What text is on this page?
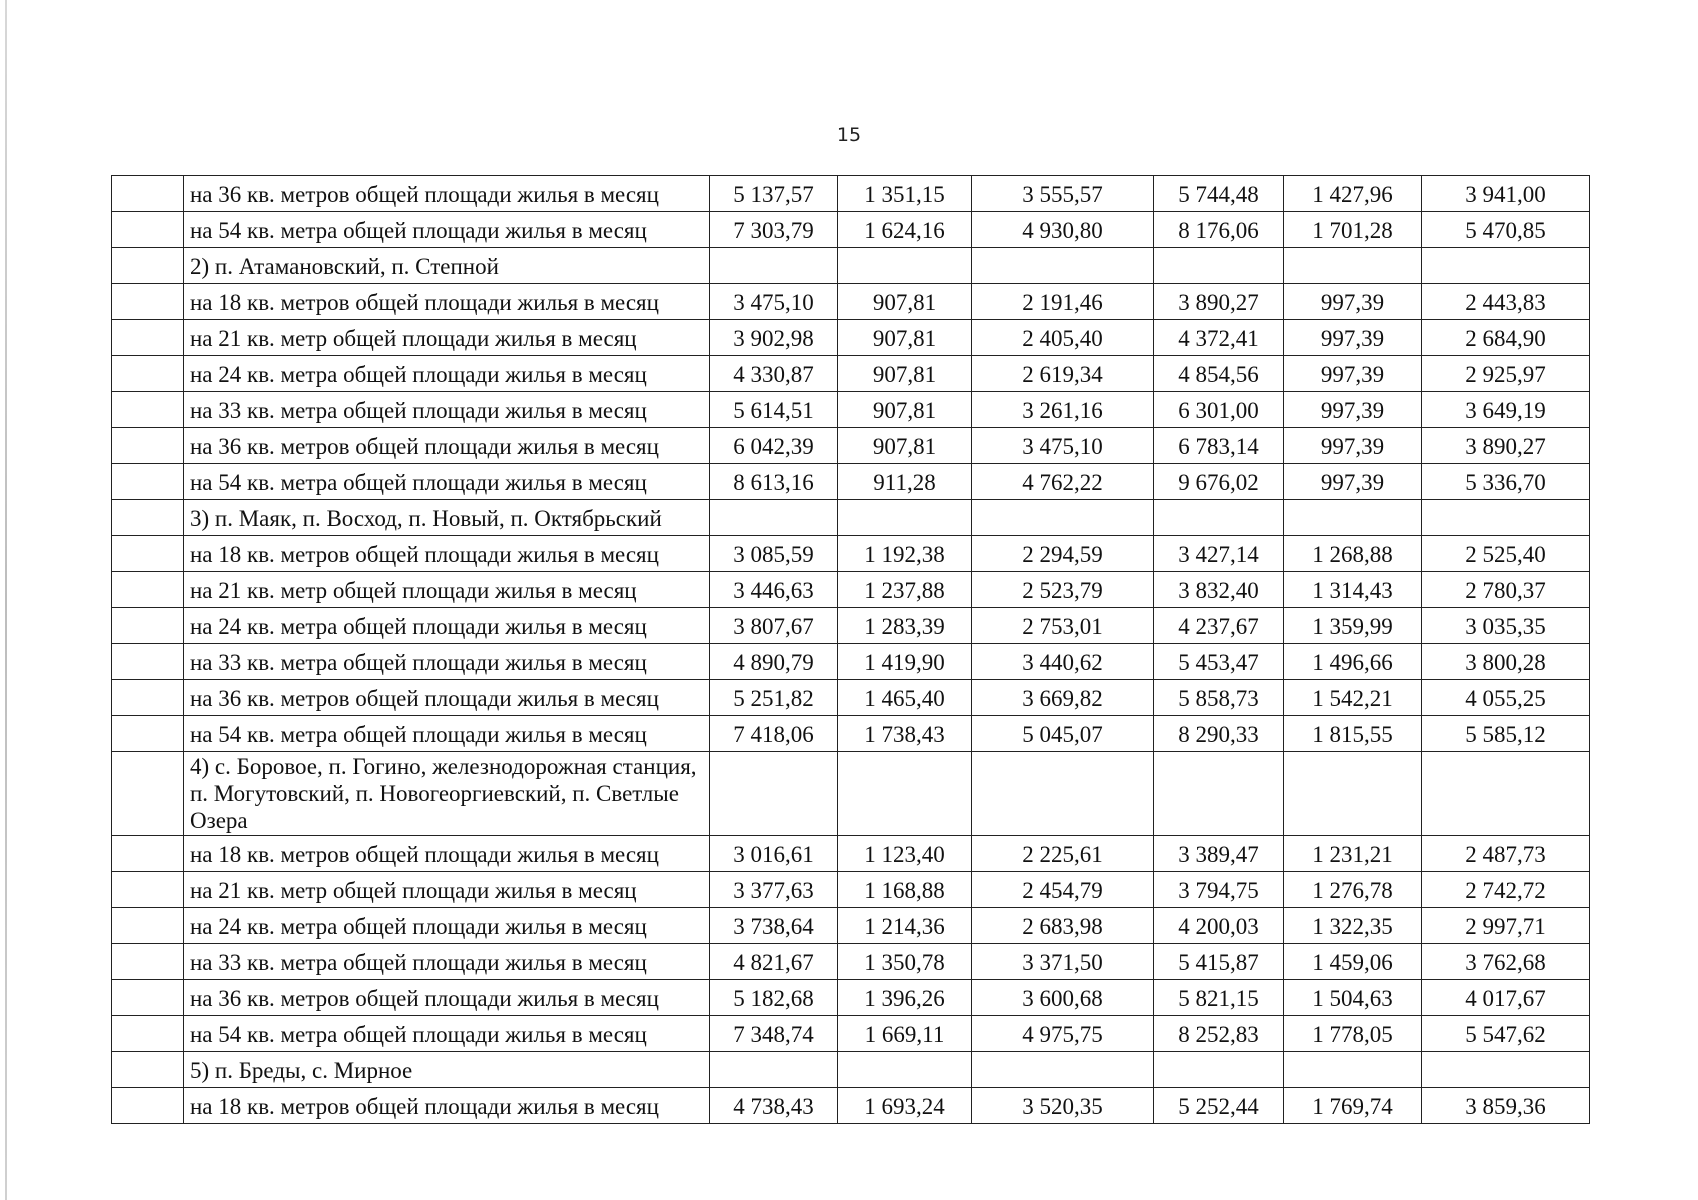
15
	на 36 кв. метров общей площади жилья в месяц	5 137,57	1 351,15	3 555,57	5 744,48	1 427,96	3 941,00
	на 54 кв. метра общей площади жилья в месяц	7 303,79	1 624,16	4 930,80	8 176,06	1 701,28	5 470,85
	2) п. Атамановский, п. Степной						
	на 18 кв. метров общей площади жилья в месяц	3 475,10	907,81	2 191,46	3 890,27	997,39	2 443,83
	на 21 кв. метр общей площади жилья в месяц	3 902,98	907,81	2 405,40	4 372,41	997,39	2 684,90
	на 24 кв. метра общей площади жилья в месяц	4 330,87	907,81	2 619,34	4 854,56	997,39	2 925,97
	на 33 кв. метра общей площади жилья в месяц	5 614,51	907,81	3 261,16	6 301,00	997,39	3 649,19
	на 36 кв. метров общей площади жилья в месяц	6 042,39	907,81	3 475,10	6 783,14	997,39	3 890,27
	на 54 кв. метра общей площади жилья в месяц	8 613,16	911,28	4 762,22	9 676,02	997,39	5 336,70
	3) п. Маяк, п. Восход, п. Новый, п. Октябрьский						
	на 18 кв. метров общей площади жилья в месяц	3 085,59	1 192,38	2 294,59	3 427,14	1 268,88	2 525,40
	на 21 кв. метр общей площади жилья в месяц	3 446,63	1 237,88	2 523,79	3 832,40	1 314,43	2 780,37
	на 24 кв. метра общей площади жилья в месяц	3 807,67	1 283,39	2 753,01	4 237,67	1 359,99	3 035,35
	на 33 кв. метра общей площади жилья в месяц	4 890,79	1 419,90	3 440,62	5 453,47	1 496,66	3 800,28
	на 36 кв. метров общей площади жилья в месяц	5 251,82	1 465,40	3 669,82	5 858,73	1 542,21	4 055,25
	на 54 кв. метра общей площади жилья в месяц	7 418,06	1 738,43	5 045,07	8 290,33	1 815,55	5 585,12
	4) с. Боровое, п. Гогино, железнодорожная станция, п. Могутовский, п. Новогеоргиевский, п. Светлые Озера						
	на 18 кв. метров общей площади жилья в месяц	3 016,61	1 123,40	2 225,61	3 389,47	1 231,21	2 487,73
	на 21 кв. метр общей площади жилья в месяц	3 377,63	1 168,88	2 454,79	3 794,75	1 276,78	2 742,72
	на 24 кв. метра общей площади жилья в месяц	3 738,64	1 214,36	2 683,98	4 200,03	1 322,35	2 997,71
	на 33 кв. метра общей площади жилья в месяц	4 821,67	1 350,78	3 371,50	5 415,87	1 459,06	3 762,68
	на 36 кв. метров общей площади жилья в месяц	5 182,68	1 396,26	3 600,68	5 821,15	1 504,63	4 017,67
	на 54 кв. метра общей площади жилья в месяц	7 348,74	1 669,11	4 975,75	8 252,83	1 778,05	5 547,62
	5) п. Бреды, с. Мирное						
	на 18 кв. метров общей площади жилья в месяц	4 738,43	1 693,24	3 520,35	5 252,44	1 769,74	3 859,36
